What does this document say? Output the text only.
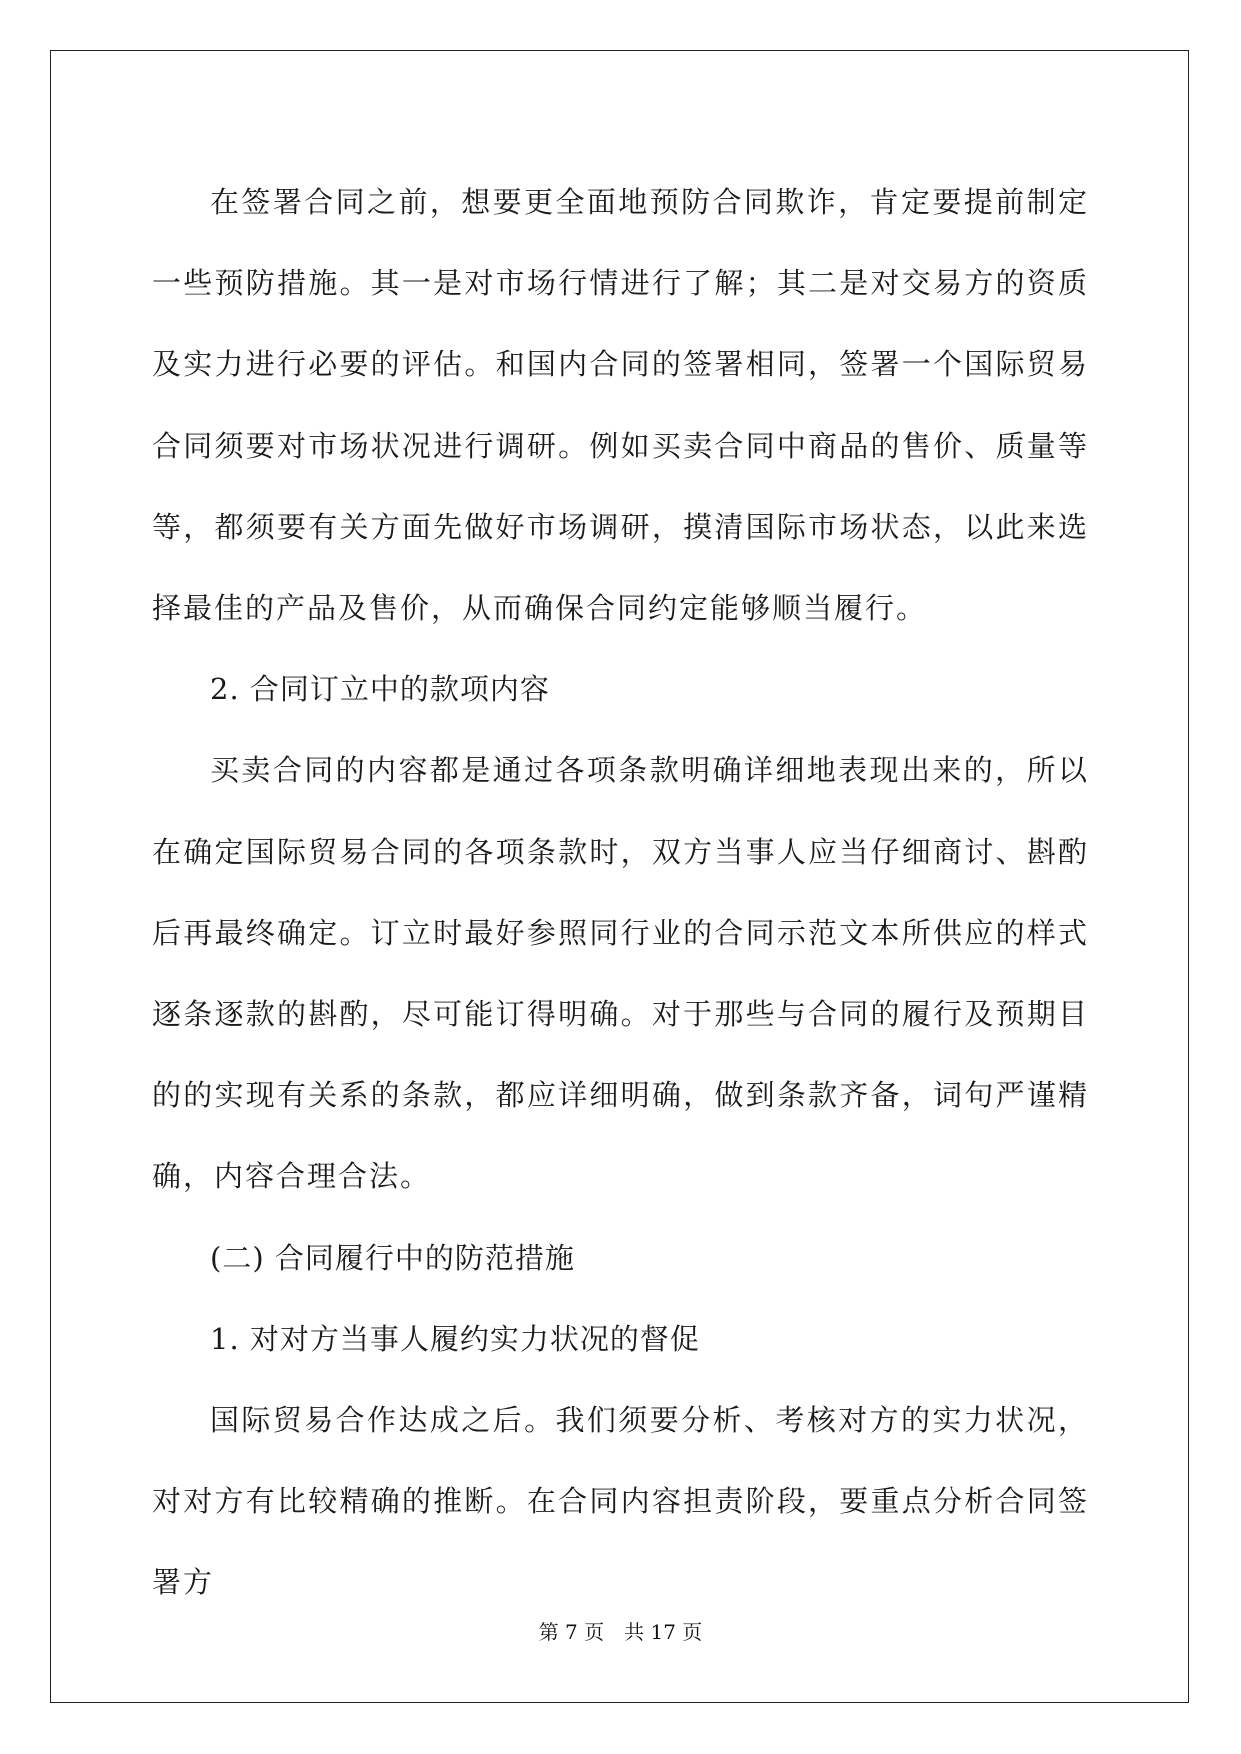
在签署合同之前，想要更全面地预防合同欺诈，肯定要提前制定一些预防措施。其一是对市场行情进行了解；其二是对交易方的资质及实力进行必要的评估。和国内合同的签署相同，签署一个国际贸易合同须要对市场状况进行调研。例如买卖合同中商品的售价、质量等等，都须要有关方面先做好市场调研，摸清国际市场状态，以此来选择最佳的产品及售价，从而确保合同约定能够顺当履行。

2. 合同订立中的款项内容

买卖合同的内容都是通过各项条款明确详细地表现出来的，所以在确定国际贸易合同的各项条款时，双方当事人应当仔细商讨、斟酌后再最终确定。订立时最好参照同行业的合同示范文本所供应的样式逐条逐款的斟酌，尽可能订得明确。对于那些与合同的履行及预期目的的实现有关系的条款，都应详细明确，做到条款齐备，词句严谨精确，内容合理合法。

(二) 合同履行中的防范措施

1. 对对方当事人履约实力状况的督促

国际贸易合作达成之后。我们须要分析、考核对方的实力状况，对对方有比较精确的推断。在合同内容担责阶段，要重点分析合同签署方

第 7 页　共 17 页
